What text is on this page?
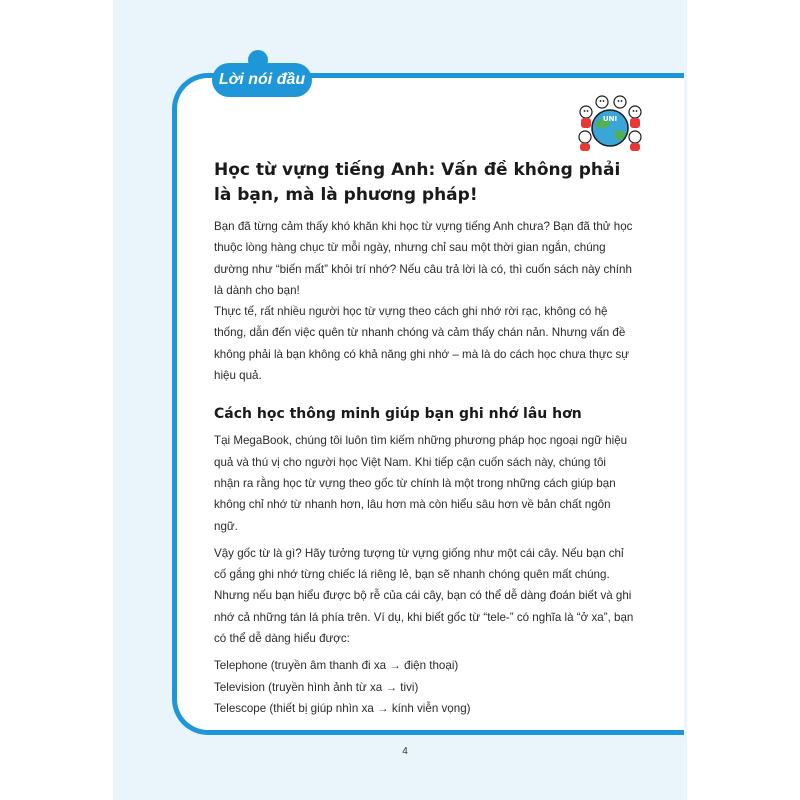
Lời nói đầu
UNI
Học từ vựng tiếng Anh: Vấn đề không phải là bạn, mà là phương pháp!

Bạn đã từng cảm thấy khó khăn khi học từ vựng tiếng Anh chưa? Bạn đã thử học thuộc lòng hàng chục từ mỗi ngày, nhưng chỉ sau một thời gian ngắn, chúng dường như “biến mất” khỏi trí nhớ? Nếu câu trả lời là có, thì cuốn sách này chính là dành cho bạn!

Thực tế, rất nhiều người học từ vựng theo cách ghi nhớ rời rạc, không có hệ thống, dẫn đến việc quên từ nhanh chóng và cảm thấy chán nản. Nhưng vấn đề không phải là bạn không có khả năng ghi nhớ – mà là do cách học chưa thực sự hiệu quả.

Cách học thông minh giúp bạn ghi nhớ lâu hơn

Tại MegaBook, chúng tôi luôn tìm kiếm những phương pháp học ngoại ngữ hiệu quả và thú vị cho người học Việt Nam. Khi tiếp cận cuốn sách này, chúng tôi nhận ra rằng học từ vựng theo gốc từ chính là một trong những cách giúp bạn không chỉ nhớ từ nhanh hơn, lâu hơn mà còn hiểu sâu hơn về bản chất ngôn ngữ.

Vậy gốc từ là gì? Hãy tưởng tượng từ vựng giống như một cái cây. Nếu bạn chỉ cố gắng ghi nhớ từng chiếc lá riêng lẻ, bạn sẽ nhanh chóng quên mất chúng. Nhưng nếu bạn hiểu được bộ rễ của cái cây, bạn có thể dễ dàng đoán biết và ghi nhớ cả những tán lá phía trên. Ví dụ, khi biết gốc từ “tele-” có nghĩa là “ở xa”, bạn có thể dễ dàng hiểu được:

Telephone (truyền âm thanh đi xa → điện thoại)

Television (truyền hình ảnh từ xa → tivi)

Telescope (thiết bị giúp nhìn xa → kính viễn vọng)

4
